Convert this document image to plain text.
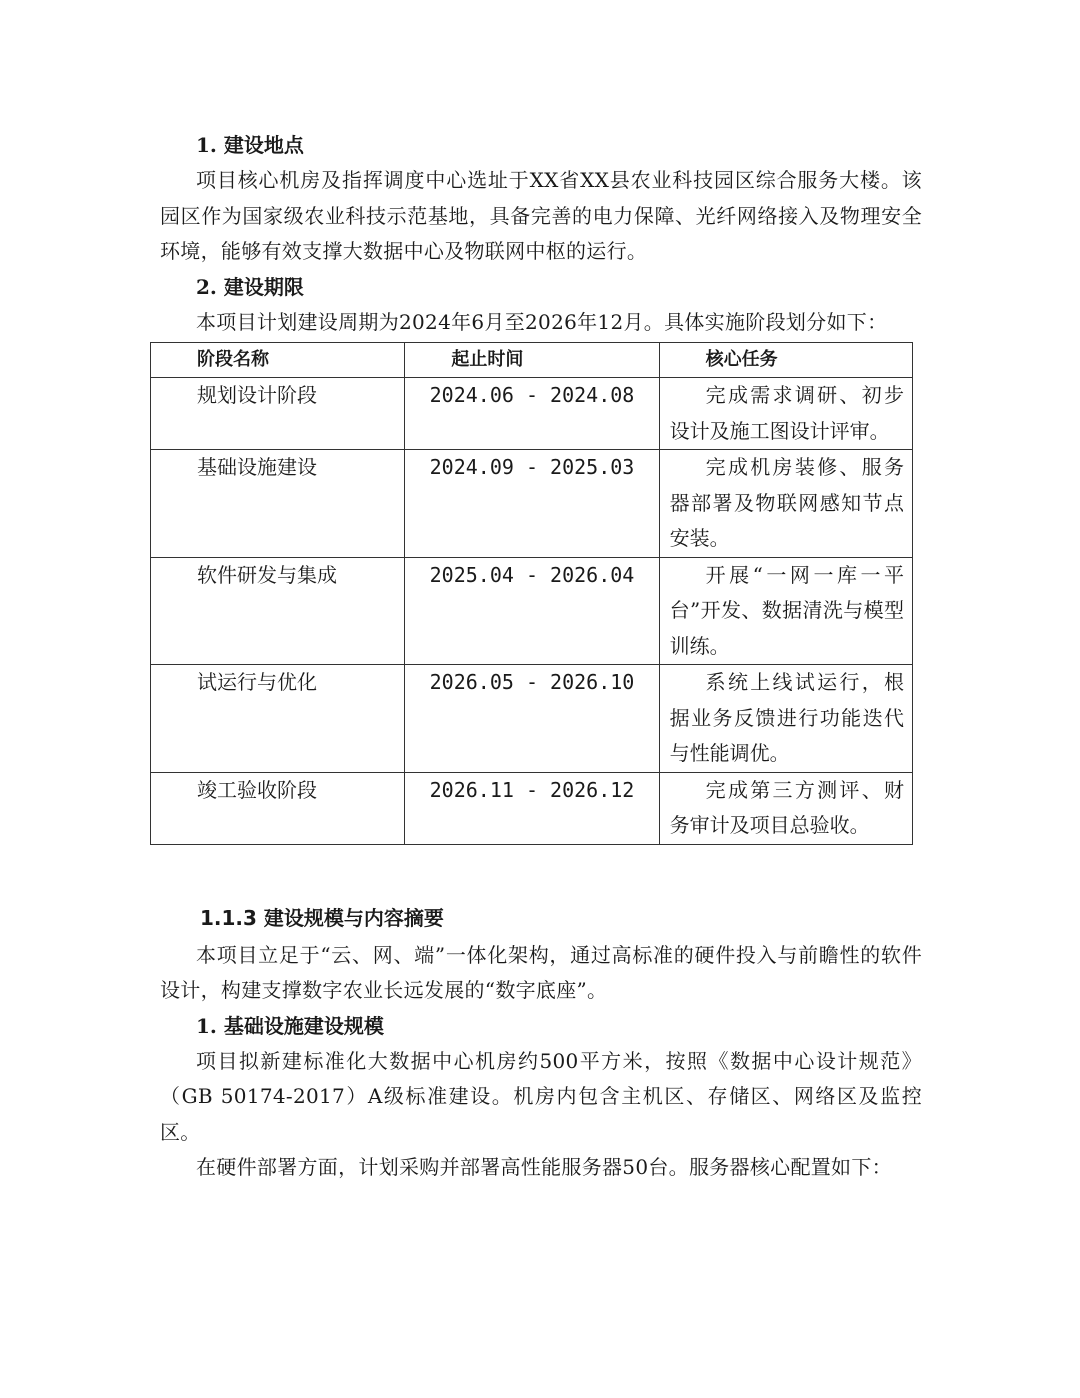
1. 建设地点

项目核心机房及指挥调度中心选址于XX省XX县农业科技园区综合服务大楼。该园区作为国家级农业科技示范基地，具备完善的电力保障、光纤网络接入及物理安全环境，能够有效支撑大数据中心及物联网中枢的运行。

2. 建设期限

本项目计划建设周期为2024年6月至2026年12月。具体实施阶段划分如下：

阶段名称	起止时间	核心任务
规划设计阶段	2024.06 - 2024.08	完成需求调研、初步设计及施工图设计评审。
基础设施建设	2024.09 - 2025.03	完成机房装修、服务器部署及物联网感知节点安装。
软件研发与集成	2025.04 - 2026.04	开展“一网一库一平台”开发、数据清洗与模型训练。
试运行与优化	2026.05 - 2026.10	系统上线试运行，根据业务反馈进行功能迭代与性能调优。
竣工验收阶段	2026.11 - 2026.12	完成第三方测评、财务审计及项目总验收。
1.1.3 建设规模与内容摘要

本项目立足于“云、网、端”一体化架构，通过高标准的硬件投入与前瞻性的软件设计，构建支撑数字农业长远发展的“数字底座”。

1. 基础设施建设规模

项目拟新建标准化大数据中心机房约500平方米，按照《数据中心设计规范》（GB 50174-2017）A级标准建设。机房内包含主机区、存储区、网络区及监控区。

在硬件部署方面，计划采购并部署高性能服务器50台。服务器核心配置如下：
